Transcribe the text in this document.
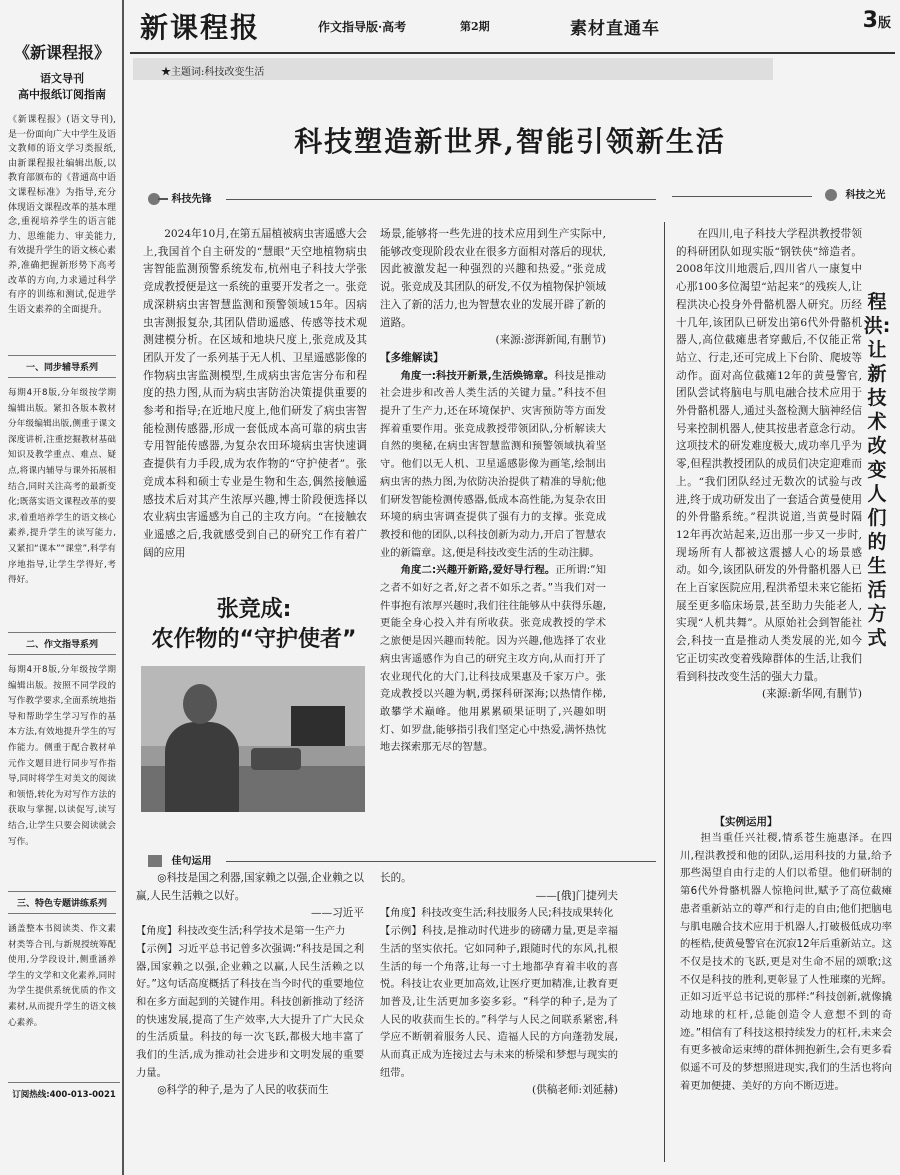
《新课程报》
语文导刊
高中报纸订阅指南
《新课程报》(语文导刊),是一份面向广大中学生及语文教师的语文学习类报纸,由新课程报社编辑出版,以教育部颁布的《普通高中语文课程标准》为指导,充分体现语文课程改革的基本理念,重视培养学生的语言能力、思维能力、审美能力,有效提升学生的语文核心素养,准确把握新形势下高考改革的方向,力求通过科学有序的训练和测试,促进学生语文素养的全面提升。
一、同步辅导系列
每期4开8版,分年级按学期编辑出版。紧扣各版本教材分年级编辑出版,侧重于课文深度讲析,注重挖掘教材基础知识及教学重点、难点、疑点,将课内辅导与课外拓展相结合,同时关注高考的最新变化;既落实语文课程改革的要求,着重培养学生的语文核心素养,提升学生的读写能力,又紧扣“课本”“课堂”,科学有序地指导,让学生学得好,考得好。
二、作文指导系列
每期4开8版,分年级按学期编辑出版。按照不同学段的写作教学要求,全面系统地指导和帮助学生学习写作的基本方法,有效地提升学生的写作能力。侧重于配合教材单元作文题目进行同步写作指导,同时将学生对美文的阅读和领悟,转化为对写作方法的获取与掌握,以读促写,读写结合,让学生只要会阅读就会写作。
三、特色专题讲练系列
涵盖整本书阅读类、作文素材类等合刊,与新规授统筹配使用,分学段设计,侧重涵养学生的文学和文化素养,同时为学生提供系统优质的作文素材,从而提升学生的语文核心素养。
订阅热线:400-013-0021
新课程报	作文指导版·高考	第2期	素材直通车	3版
★主题词:科技改变生活
科技塑造新世界,智能引领新生活
科技先锋	科技之光
佳句运用

2024年10月,在第五届植被病虫害遥感大会上,我国首个自主研发的“慧眼”天空地植物病虫害智能监测预警系统发布,杭州电子科技大学张竞成教授便是这一系统的重要开发者之一。张竞成深耕病虫害智慧监测和预警领域15年。因病虫害测报复杂,其团队借助遥感、传感等技术观测建模分析。在区域和地块尺度上,张竞成及其团队开发了一系列基于无人机、卫星遥感影像的作物病虫害监测模型,生成病虫害危害分布和程度的热力图,从而为病虫害防治决策提供重要的参考和指导;在近地尺度上,他们研发了病虫害智能检测传感器,形成一套低成本高可靠的病虫害专用智能传感器,为复杂农田环境病虫害快速调查提供有力手段,成为农作物的“守护使者”。张竞成本科和硕士专业是生物和生态,偶然接触遥感技术后对其产生浓厚兴趣,博士阶段便选择以农业病虫害遥感为自己的主攻方向。“在接触农业遥感之后,我就感受到自己的研究工作有着广阔的应用

张竞成:
农作物的“守护使者”

场景,能够将一些先进的技术应用到生产实际中,能够改变现阶段农业在很多方面相对落后的现状,因此被激发起一种强烈的兴趣和热爱。”张竞成说。张竞成及其团队的研发,不仅为植物保护领域注入了新的活力,也为智慧农业的发展开辟了新的道路。

(来源:澎湃新闻,有删节)

【多维解读】

角度一:科技开新景,生活焕锦章。科技是推动社会进步和改善人类生活的关键力量。”科技不但提升了生产力,还在环境保护、灾害预防等方面发挥着重要作用。张竞成教授带领团队,分析解读大自然的奥秘,在病虫害智慧监测和预警领域执着坚守。他们以无人机、卫星遥感影像为画笔,绘制出病虫害的热力图,为依防决治提供了精准的导航;他们研发智能检测传感器,低成本高性能,为复杂农田环境的病虫害调查提供了强有力的支撑。张竞成教授和他的团队,以科技创新为动力,开启了智慧农业的新篇章。这,便是科技改变生活的生动注脚。

角度二:兴趣开新路,爱好导行程。正所谓:“知之者不如好之者,好之者不如乐之者。”当我们对一件事抱有浓厚兴趣时,我们往往能够从中获得乐趣,更能全身心投入并有所收获。张竞成教授的学术之旅便是因兴趣而转舵。因为兴趣,他选择了农业病虫害遥感作为自己的研究主攻方向,从而打开了农业现代化的大门,让科技成果惠及千家万户。张竞成教授以兴趣为帆,勇探科研深海;以热情作梯,敢攀学术巅峰。他用累累硕果证明了,兴趣如明灯、如罗盘,能够指引我们坚定心中热爱,满怀热忱地去探索那无尽的智慧。

在四川,电子科技大学程洪教授带领的科研团队如现实版“钢铁侠”缔造者。2008年汶川地震后,四川省八一康复中心那100多位渴望“站起来”的残疾人,让程洪决心投身外骨骼机器人研究。历经十几年,该团队已研发出第6代外骨骼机器人,高位截瘫患者穿戴后,不仅能正常站立、行走,还可完成上下台阶、爬坡等动作。面对高位截瘫12年的黄曼警官,团队尝试将脑电与肌电融合技术应用于外骨骼机器人,通过头盔检测大脑神经信号来控制机器人,使其按患者意念行动。这项技术的研发难度极大,成功率几乎为零,但程洪教授团队的成员们决定迎难而上。“我们团队经过无数次的试验与改进,终于成功研发出了一套适合黄曼使用的外骨骼系统。”程洪说道,当黄曼时隔12年再次站起来,迈出那一步又一步时,现场所有人都被这震撼人心的场景感动。如今,该团队研发的外骨骼机器人已在上百家医院应用,程洪希望未来它能拓展至更多临床场景,甚至助力失能老人,实现“人机共舞”。从原始社会到智能社会,科技一直是推动人类发展的光,如今它正切实改变着残障群体的生活,让我们看到科技改变生活的强大力量。

(来源:新华网,有删节)

程洪:让新技术改变人们的生活方式
【实例运用】

担当重任兴社稷,情系苍生施惠泽。在四川,程洪教授和他的团队,运用科技的力量,给予那些渴望自由行走的人们以希望。他们研制的第6代外骨骼机器人惊艳问世,赋予了高位截瘫患者重新站立的尊严和行走的自由;他们把脑电与肌电融合技术应用于机器人,打破极低成功率的桎梏,使黄曼警官在沉寂12年后重新站立。这不仅是技术的飞跃,更是对生命不屈的颂歌;这不仅是科技的胜利,更彰显了人性璀璨的光辉。正如习近平总书记说的那样:“科技创新,就像撬动地球的杠杆,总能创造令人意想不到的奇迹。”相信有了科技这根持续发力的杠杆,未来会有更多被命运束缚的群体拥抱新生,会有更多看似遥不可及的梦想照进现实,我们的生活也将向着更加便捷、美好的方向不断迈进。

◎科技是国之利器,国家赖之以强,企业赖之以赢,人民生活赖之以好。

——习近平

【角度】科技改变生活;科学技术是第一生产力

【示例】习近平总书记曾多次强调:“科技是国之利器,国家赖之以强,企业赖之以赢,人民生活赖之以好。”这句话高度概括了科技在当今时代的重要地位和在多方面起到的关键作用。科技创新推动了经济的快速发展,提高了生产效率,大大提升了广大民众的生活质量。科技的每一次飞跃,都极大地丰富了我们的生活,成为推动社会进步和文明发展的重要力量。

◎科学的种子,是为了人民的收获而生

长的。

——[俄]门捷列夫

【角度】科技改变生活;科技服务人民;科技成果转化

【示例】科技,是推动时代进步的磅礴力量,更是幸福生活的坚实依托。它如同种子,跟随时代的东风,扎根生活的每一个角落,让每一寸土地都孕育着丰收的喜悦。科技让农业更加高效,让医疗更加精准,让教育更加普及,让生活更加多姿多彩。“科学的种子,是为了人民的收获而生长的。”科学与人民之间联系紧密,科学应不断朝着服务人民、造福人民的方向蓬勃发展,从而真正成为连接过去与未来的桥梁和梦想与现实的纽带。

(供稿老师:刘延赫)
